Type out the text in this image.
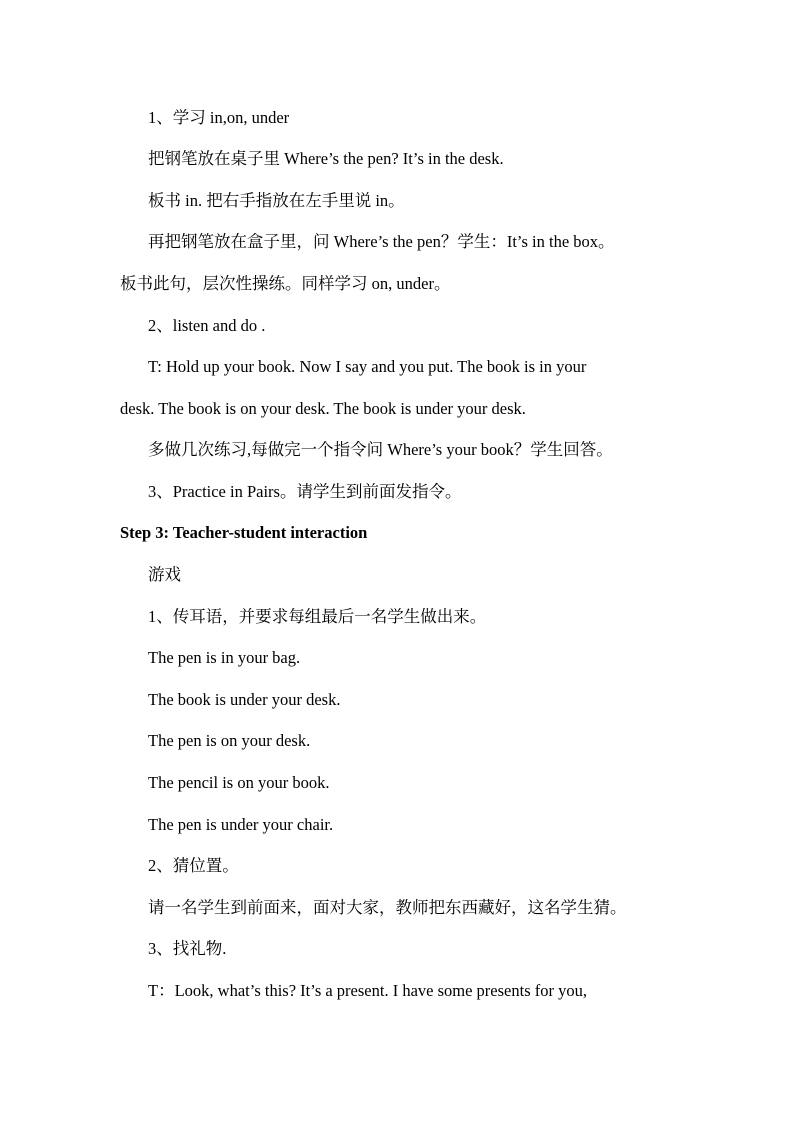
1、学习 in,on, under
把钢笔放在桌子里 Where’s the pen? It’s in the desk.
板书 in. 把右手指放在左手里说 in。
再把钢笔放在盒子里，问 Where’s the pen？学生：It’s in the box。
板书此句，层次性操练。同样学习 on, under。
2、listen and do .
T: Hold up your book. Now I say and you put. The book is in your
desk. The book is on your desk. The book is under your desk.
多做几次练习,每做完一个指令问 Where’s your book？学生回答。
3、Practice in Pairs。请学生到前面发指令。
Step 3: Teacher-student interaction
游戏
1、传耳语，并要求每组最后一名学生做出来。
The pen is in your bag.
The book is under your desk.
The pen is on your desk.
The pencil is on your book.
The pen is under your chair.
2、猜位置。
请一名学生到前面来，面对大家，教师把东西藏好，这名学生猜。
3、找礼物.
T：Look, what’s this? It’s a present. I have some presents for you,
